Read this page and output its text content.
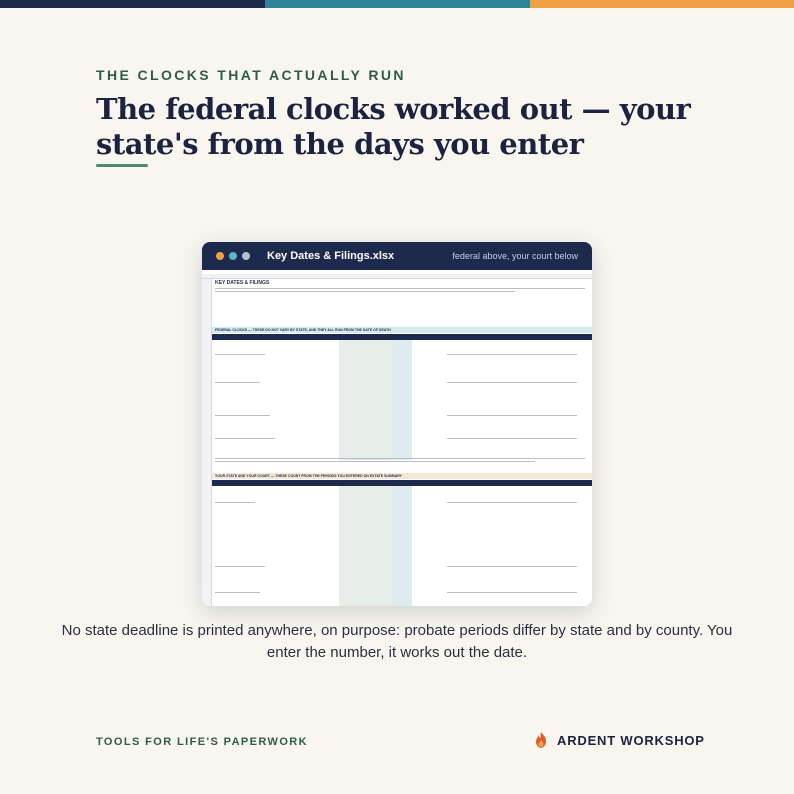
THE CLOCKS THAT ACTUALLY RUN
The federal clocks worked out — your state's from the days you enter
Key Dates & Filings.xlsx	federal above, your court below
KEY DATES & FILINGS
FEDERAL CLOCKS — THESE DO NOT VARY BY STATE, AND THEY ALL RUN FROM THE DATE OF DEATH
YOUR STATE AND YOUR COURT — THESE COUNT FROM THE PERIODS YOU ENTERED ON ESTATE SUMMARY

No state deadline is printed anywhere, on purpose: probate periods differ by state and by county. You enter the number, it works out the date.

TOOLS FOR LIFE'S PAPERWORK	ARDENT WORKSHOP
